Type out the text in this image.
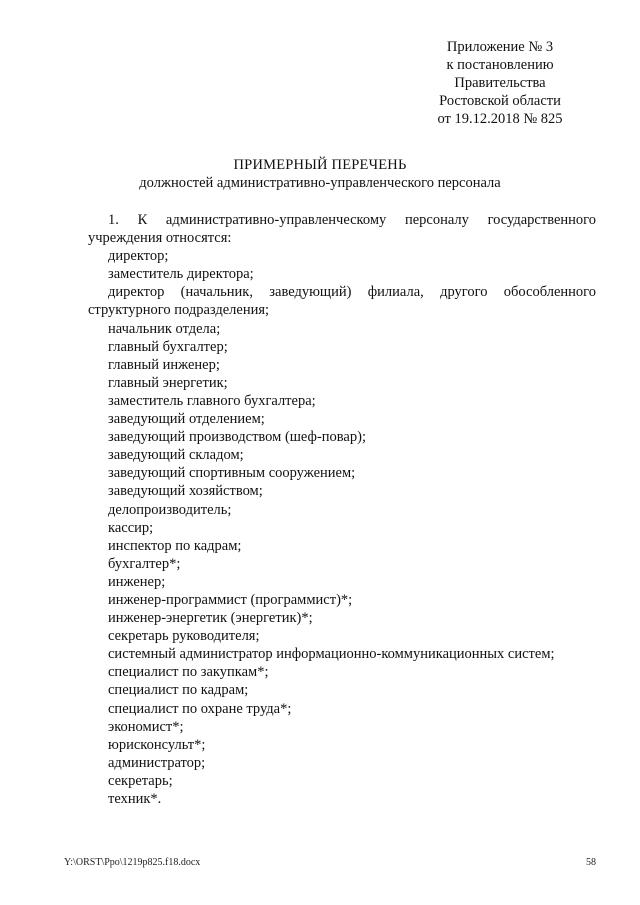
Приложение № 3
к постановлению
Правительства
Ростовской области
от 19.12.2018 № 825
ПРИМЕРНЫЙ ПЕРЕЧЕНЬ
должностей административно-управленческого персонала
1. К административно-управленческому персоналу государственного учреждения относятся:
директор;
заместитель директора;
директор (начальник, заведующий) филиала, другого обособленного структурного подразделения;
начальник отдела;
главный бухгалтер;
главный инженер;
главный энергетик;
заместитель главного бухгалтера;
заведующий отделением;
заведующий производством (шеф-повар);
заведующий складом;
заведующий спортивным сооружением;
заведующий хозяйством;
делопроизводитель;
кассир;
инспектор по кадрам;
бухгалтер*;
инженер;
инженер-программист (программист)*;
инженер-энергетик (энергетик)*;
секретарь руководителя;
системный администратор информационно-коммуникационных систем;
специалист по закупкам*;
специалист по кадрам;
специалист по охране труда*;
экономист*;
юрисконсульт*;
администратор;
секретарь;
техник*.
Y:\ORST\Ppo\1219p825.f18.docx	58
